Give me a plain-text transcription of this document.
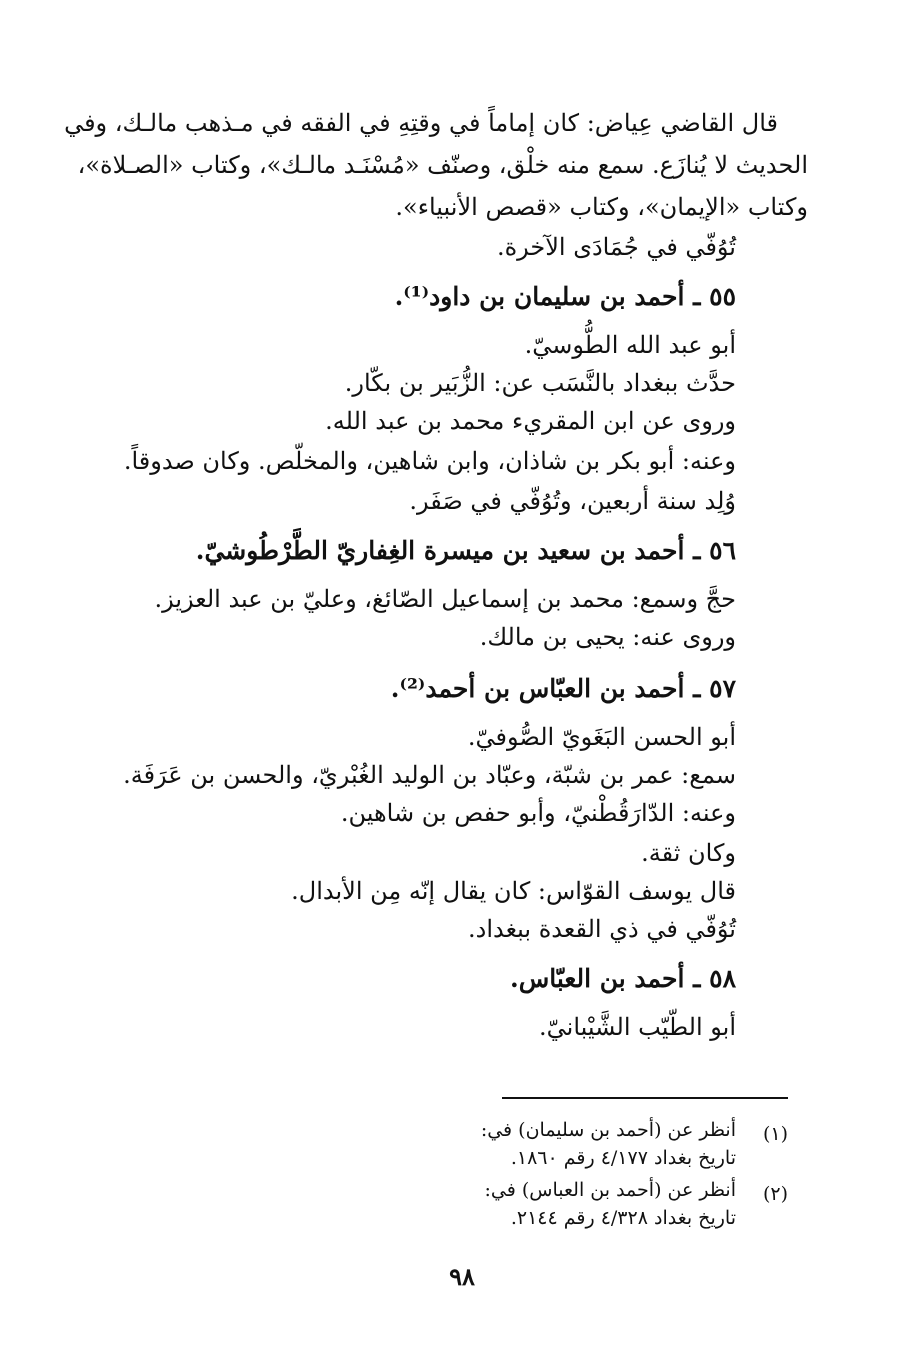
قال القاضي عِياض: كان إماماً في وقتِهِ في الفقه في مـذهب مالـك، وفي

الحديث لا يُنازَع. سمع منه خلْق، وصنّف «مُسْنَـد مالـك»، وكتاب «الصـلاة»،

وكتاب «الإيمان»، وكتاب «قصص الأنبياء».

تُوُفّي في جُمَادَى الآخرة.

٥٥ ـ أحمد بن سليمان بن داود⁽¹⁾.

أبو عبد الله الطُّوسيّ.

حدَّث ببغداد بالنَّسَب عن: الزُّبَير بن بكّار.

وروى عن ابن المقريء محمد بن عبد الله.

وعنه: أبو بكر بن شاذان، وابن شاهين، والمخلّص. وكان صدوقاً.

وُلِد سنة أربعين، وتُوُفّي في صَفَر.

٥٦ ـ أحمد بن سعيد بن ميسرة الغِفاريّ الطَّرْطُوشيّ.

حجَّ وسمع: محمد بن إسماعيل الصّائغ، وعليّ بن عبد العزيز.

وروى عنه: يحيى بن مالك.

٥٧ ـ أحمد بن العبّاس بن أحمد⁽²⁾.

أبو الحسن البَغَويّ الصُّوفيّ.

سمع: عمر بن شبّة، وعبّاد بن الوليد الغُبْريّ، والحسن بن عَرَفَة.

وعنه: الدّارَقُطْنيّ، وأبو حفص بن شاهين.

وكان ثقة.

قال يوسف القوّاس: كان يقال إنّه مِن الأبدال.

تُوُفّي في ذي القعدة ببغداد.

٥٨ ـ أحمد بن العبّاس.

أبو الطّيّب الشَّيْبانيّ.

(١)
أنظر عن (أحمد بن سليمان) في:
تاريخ بغداد ٤/١٧٧ رقم ١٨٦٠.
(٢)
أنظر عن (أحمد بن العباس) في:
تاريخ بغداد ٤/٣٢٨ رقم ٢١٤٤.
٩٨
